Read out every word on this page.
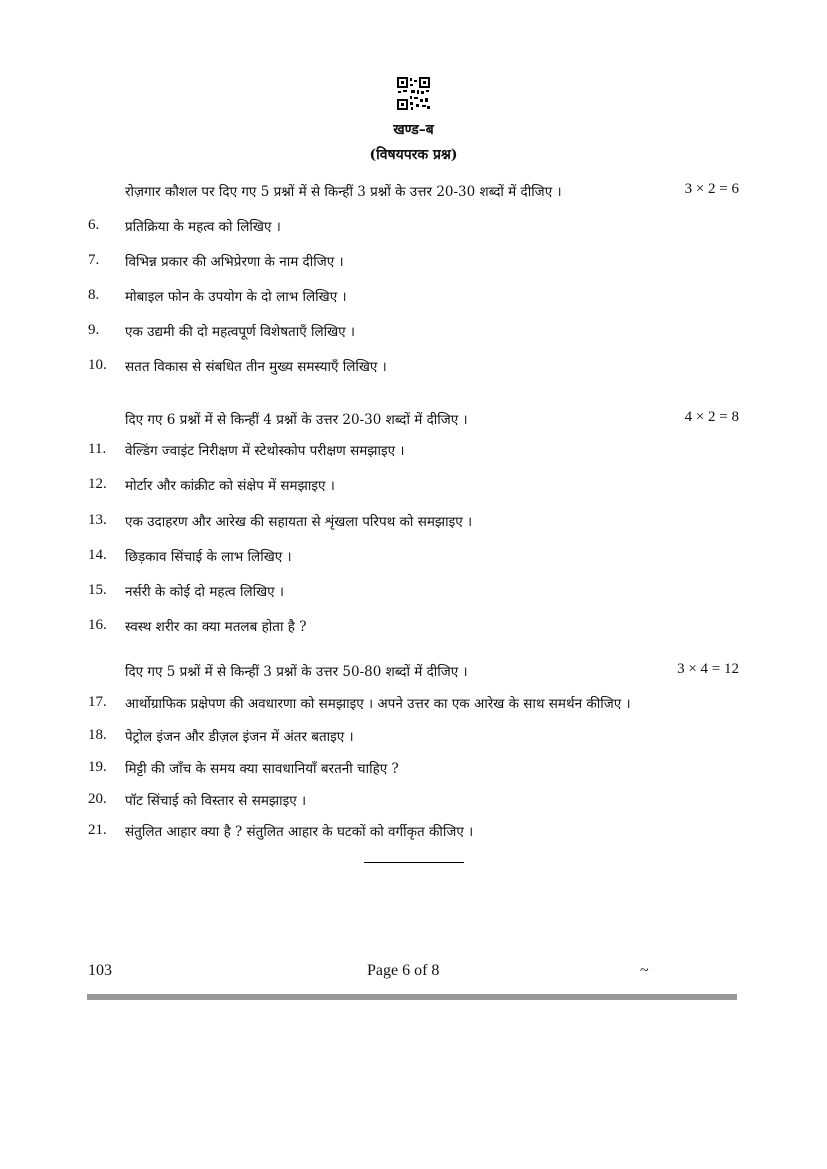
खण्ड–ब
(विषयपरक प्रश्न)
रोज़गार कौशल पर दिए गए 5 प्रश्नों में से किन्हीं 3 प्रश्नों के उत्तर 20-30 शब्दों में दीजिए ।	3 × 2 = 6
6.	प्रतिक्रिया के महत्व को लिखिए ।
7.	विभिन्न प्रकार की अभिप्रेरणा के नाम दीजिए ।
8.	मोबाइल फोन के उपयोग के दो लाभ लिखिए ।
9.	एक उद्यमी की दो महत्वपूर्ण विशेषताएँ लिखिए ।
10.	सतत विकास से संबधित तीन मुख्य समस्याएँ लिखिए ।
दिए गए 6 प्रश्नों में से किन्हीं 4 प्रश्नों के उत्तर 20-30 शब्दों में दीजिए ।	4 × 2 = 8
11.	वेल्डिंग ज्वाइंट निरीक्षण में स्टेथोस्कोप परीक्षण समझाइए ।
12.	मोर्टार और कांक्रीट को संक्षेप में समझाइए ।
13.	एक उदाहरण और आरेख की सहायता से शृंखला परिपथ को समझाइए ।
14.	छिड़काव सिंचाई के लाभ लिखिए ।
15.	नर्सरी के कोई दो महत्व लिखिए ।
16.	स्वस्थ शरीर का क्या मतलब होता है ?
दिए गए 5 प्रश्नों में से किन्हीं 3 प्रश्नों के उत्तर 50-80 शब्दों में दीजिए ।	3 × 4 = 12
17.	आर्थोग्राफिक प्रक्षेपण की अवधारणा को समझाइए । अपने उत्तर का एक आरेख के साथ समर्थन कीजिए ।
18.	पेट्रोल इंजन और डीज़ल इंजन में अंतर बताइए ।
19.	मिट्टी की जाँच के समय क्या सावधानियाँ बरतनी चाहिए ?
20.	पॉट सिंचाई को विस्तार से समझाइए ।
21.	संतुलित आहार क्या है ? संतुलित आहार के घटकों को वर्गीकृत कीजिए ।
103	Page 6 of 8	~
